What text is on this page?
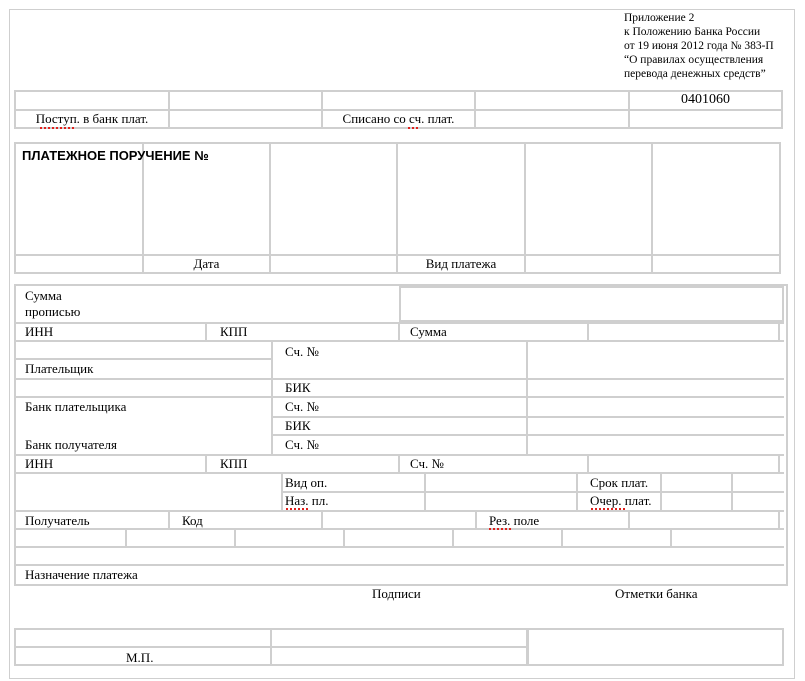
Приложение 2
к Положению Банка России
от 19 июня 2012 года № 383-П
“О правилах осуществления
перевода денежных средств”
				0401060
Поступ. в банк плат.		Списано со сч. плат.		
ПЛАТЕЖНОЕ ПОРУЧЕНИЕ №					
	Дата		Вид платежа		
Сумма прописью
ИНН	КПП	Сумма
Сч. №
Плательщик
БИК
Банк плательщика	Сч. №
БИК
Банк получателя	Сч. №
ИНН	КПП	Сч. №
Вид оп.	Срок плат.
Наз. пл.	Очер. плат.
Получатель	Код	Рез. поле
Назначение платежа
Подписи	Отметки банка
М.П.
